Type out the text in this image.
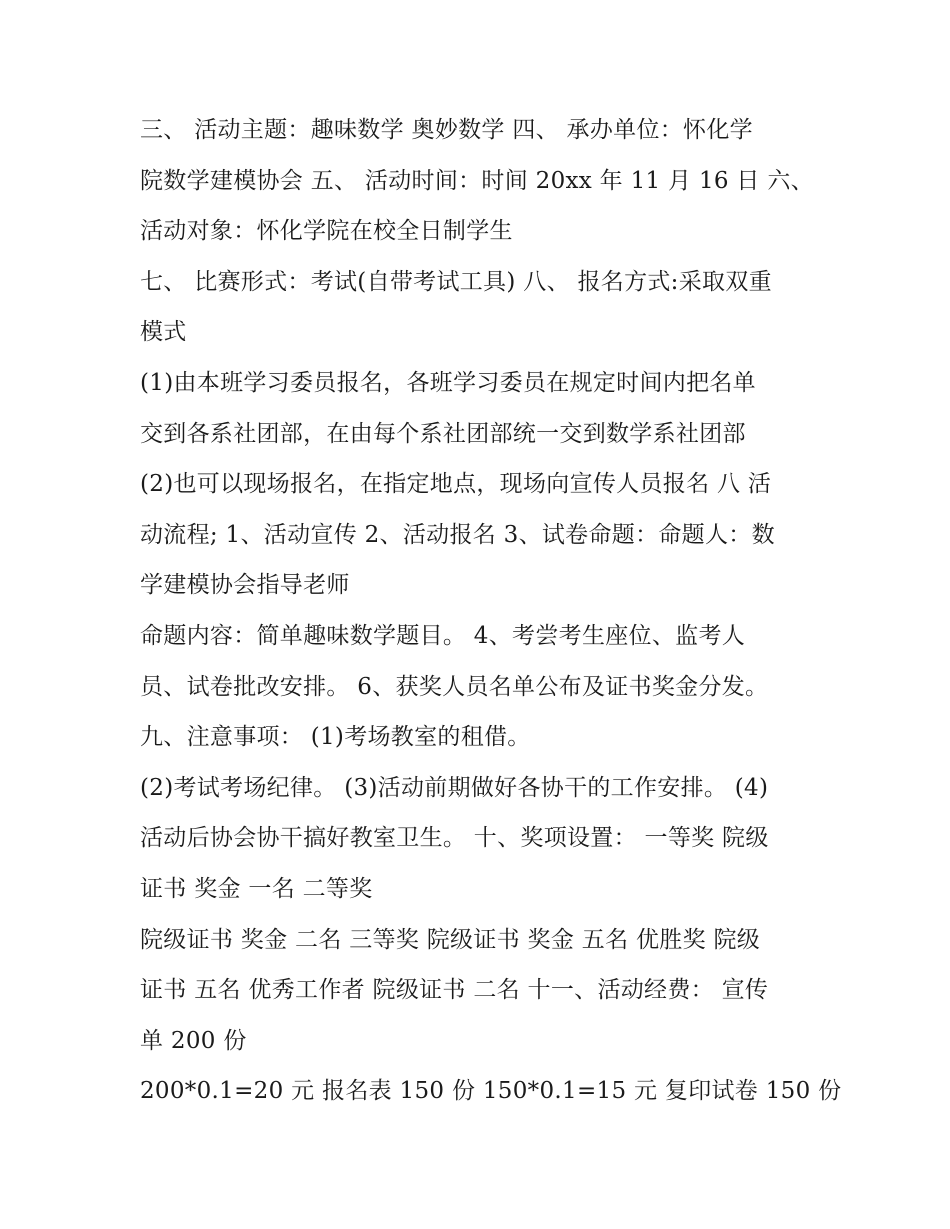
三、 活动主题：趣味数学 奥妙数学 四、 承办单位：怀化学
院数学建模协会 五、 活动时间：时间 20xx 年 11 月 16 日 六、
活动对象：怀化学院在校全日制学生
七、 比赛形式：考试(自带考试工具) 八、 报名方式:采取双重
模式
(1)由本班学习委员报名，各班学习委员在规定时间内把名单
交到各系社团部，在由每个系社团部统一交到数学系社团部
(2)也可以现场报名，在指定地点，现场向宣传人员报名 八 活
动流程; 1、活动宣传 2、活动报名 3、试卷命题：命题人：数
学建模协会指导老师
命题内容：简单趣味数学题目。 4、考尝考生座位、监考人
员、试卷批改安排。 6、获奖人员名单公布及证书奖金分发。
九、注意事项： (1)考场教室的租借。
(2)考试考场纪律。 (3)活动前期做好各协干的工作安排。 (4)
活动后协会协干搞好教室卫生。 十、奖项设置： 一等奖 院级
证书 奖金 一名 二等奖
院级证书 奖金 二名 三等奖 院级证书 奖金 五名 优胜奖 院级
证书 五名 优秀工作者 院级证书 二名 十一、活动经费： 宣传
单 200 份
200*0.1=20 元 报名表 150 份 150*0.1=15 元 复印试卷 150 份
